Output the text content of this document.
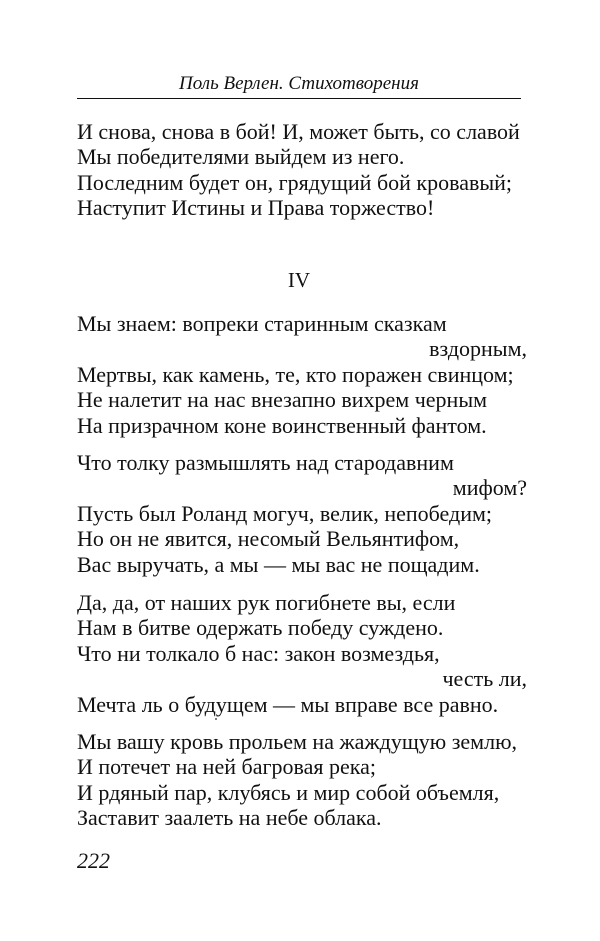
Поль Верлен. Стихотворения
И снова, снова в бой! И, может быть, со славой
Мы победителями выйдем из него.
Последним будет он, грядущий бой кровавый;
Наступит Истины и Права торжество!
IV
Мы знаем: вопреки старинным сказкам
вздорным,
Мертвы, как камень, те, кто поражен свинцом;
Не налетит на нас внезапно вихрем черным
На призрачном коне воинственный фантом.
Что толку размышлять над стародавним
мифом?
Пусть был Роланд могуч, велик, непобедим;
Но он не явится, несомый Вельянтифом,
Вас выручать, а мы — мы вас не пощадим.
Да, да, от наших рук погибнете вы, если
Нам в битве одержать победу суждено.
Что ни толкало б нас: закон возмездья,
честь ли,
Мечта ль о будущем — мы вправе все равно.
Мы вашу кровь прольем на жаждущую землю,
И потечет на ней багровая река;
И рдяный пар, клубясь и мир собой объемля,
Заставит заалеть на небе облака.
222
